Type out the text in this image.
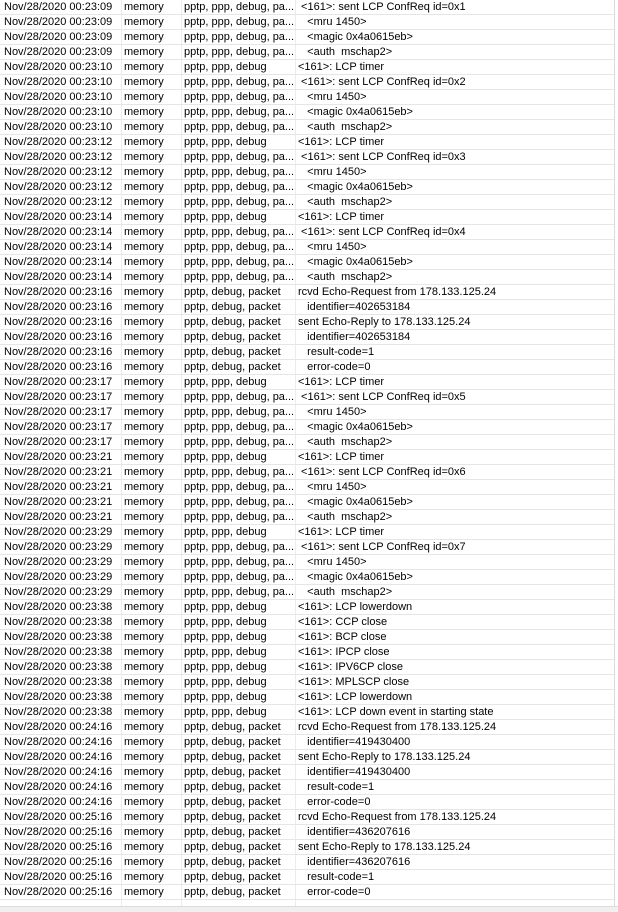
Nov/28/2020 00:23:09	memory	pptp, ppp, debug, pa... <161>: sent LCP ConfReq id=0x1
Nov/28/2020 00:23:09	memory	pptp, ppp, debug, pa... <mru 1450>
Nov/28/2020 00:23:09	memory	pptp, ppp, debug, pa... <magic 0x4a0615eb>
Nov/28/2020 00:23:09	memory	pptp, ppp, debug, pa... <auth  mschap2>
Nov/28/2020 00:23:10	memory	pptp, ppp, debug	<161>: LCP timer
Nov/28/2020 00:23:10	memory	pptp, ppp, debug, pa... <161>: sent LCP ConfReq id=0x2
Nov/28/2020 00:23:10	memory	pptp, ppp, debug, pa... <mru 1450>
Nov/28/2020 00:23:10	memory	pptp, ppp, debug, pa... <magic 0x4a0615eb>
Nov/28/2020 00:23:10	memory	pptp, ppp, debug, pa... <auth  mschap2>
Nov/28/2020 00:23:12	memory	pptp, ppp, debug	<161>: LCP timer
Nov/28/2020 00:23:12	memory	pptp, ppp, debug, pa... <161>: sent LCP ConfReq id=0x3
Nov/28/2020 00:23:12	memory	pptp, ppp, debug, pa... <mru 1450>
Nov/28/2020 00:23:12	memory	pptp, ppp, debug, pa... <magic 0x4a0615eb>
Nov/28/2020 00:23:12	memory	pptp, ppp, debug, pa... <auth  mschap2>
Nov/28/2020 00:23:14	memory	pptp, ppp, debug	<161>: LCP timer
Nov/28/2020 00:23:14	memory	pptp, ppp, debug, pa... <161>: sent LCP ConfReq id=0x4
Nov/28/2020 00:23:14	memory	pptp, ppp, debug, pa... <mru 1450>
Nov/28/2020 00:23:14	memory	pptp, ppp, debug, pa... <magic 0x4a0615eb>
Nov/28/2020 00:23:14	memory	pptp, ppp, debug, pa... <auth  mschap2>
Nov/28/2020 00:23:16	memory	pptp, debug, packet	rcvd Echo-Request from 178.133.125.24
Nov/28/2020 00:23:16	memory	pptp, debug, packet	identifier=402653184
Nov/28/2020 00:23:16	memory	pptp, debug, packet	sent Echo-Reply to 178.133.125.24
Nov/28/2020 00:23:16	memory	pptp, debug, packet	identifier=402653184
Nov/28/2020 00:23:16	memory	pptp, debug, packet	result-code=1
Nov/28/2020 00:23:16	memory	pptp, debug, packet	error-code=0
Nov/28/2020 00:23:17	memory	pptp, ppp, debug	<161>: LCP timer
Nov/28/2020 00:23:17	memory	pptp, ppp, debug, pa... <161>: sent LCP ConfReq id=0x5
Nov/28/2020 00:23:17	memory	pptp, ppp, debug, pa... <mru 1450>
Nov/28/2020 00:23:17	memory	pptp, ppp, debug, pa... <magic 0x4a0615eb>
Nov/28/2020 00:23:17	memory	pptp, ppp, debug, pa... <auth  mschap2>
Nov/28/2020 00:23:21	memory	pptp, ppp, debug	<161>: LCP timer
Nov/28/2020 00:23:21	memory	pptp, ppp, debug, pa... <161>: sent LCP ConfReq id=0x6
Nov/28/2020 00:23:21	memory	pptp, ppp, debug, pa... <mru 1450>
Nov/28/2020 00:23:21	memory	pptp, ppp, debug, pa... <magic 0x4a0615eb>
Nov/28/2020 00:23:21	memory	pptp, ppp, debug, pa... <auth  mschap2>
Nov/28/2020 00:23:29	memory	pptp, ppp, debug	<161>: LCP timer
Nov/28/2020 00:23:29	memory	pptp, ppp, debug, pa... <161>: sent LCP ConfReq id=0x7
Nov/28/2020 00:23:29	memory	pptp, ppp, debug, pa... <mru 1450>
Nov/28/2020 00:23:29	memory	pptp, ppp, debug, pa... <magic 0x4a0615eb>
Nov/28/2020 00:23:29	memory	pptp, ppp, debug, pa... <auth  mschap2>
Nov/28/2020 00:23:38	memory	pptp, ppp, debug	<161>: LCP lowerdown
Nov/28/2020 00:23:38	memory	pptp, ppp, debug	<161>: CCP close
Nov/28/2020 00:23:38	memory	pptp, ppp, debug	<161>: BCP close
Nov/28/2020 00:23:38	memory	pptp, ppp, debug	<161>: IPCP close
Nov/28/2020 00:23:38	memory	pptp, ppp, debug	<161>: IPV6CP close
Nov/28/2020 00:23:38	memory	pptp, ppp, debug	<161>: MPLSCP close
Nov/28/2020 00:23:38	memory	pptp, ppp, debug	<161>: LCP lowerdown
Nov/28/2020 00:23:38	memory	pptp, ppp, debug	<161>: LCP down event in starting state
Nov/28/2020 00:24:16	memory	pptp, debug, packet	rcvd Echo-Request from 178.133.125.24
Nov/28/2020 00:24:16	memory	pptp, debug, packet	identifier=419430400
Nov/28/2020 00:24:16	memory	pptp, debug, packet	sent Echo-Reply to 178.133.125.24
Nov/28/2020 00:24:16	memory	pptp, debug, packet	identifier=419430400
Nov/28/2020 00:24:16	memory	pptp, debug, packet	result-code=1
Nov/28/2020 00:24:16	memory	pptp, debug, packet	error-code=0
Nov/28/2020 00:25:16	memory	pptp, debug, packet	rcvd Echo-Request from 178.133.125.24
Nov/28/2020 00:25:16	memory	pptp, debug, packet	identifier=436207616
Nov/28/2020 00:25:16	memory	pptp, debug, packet	sent Echo-Reply to 178.133.125.24
Nov/28/2020 00:25:16	memory	pptp, debug, packet	identifier=436207616
Nov/28/2020 00:25:16	memory	pptp, debug, packet	result-code=1
Nov/28/2020 00:25:16	memory	pptp, debug, packet	error-code=0
